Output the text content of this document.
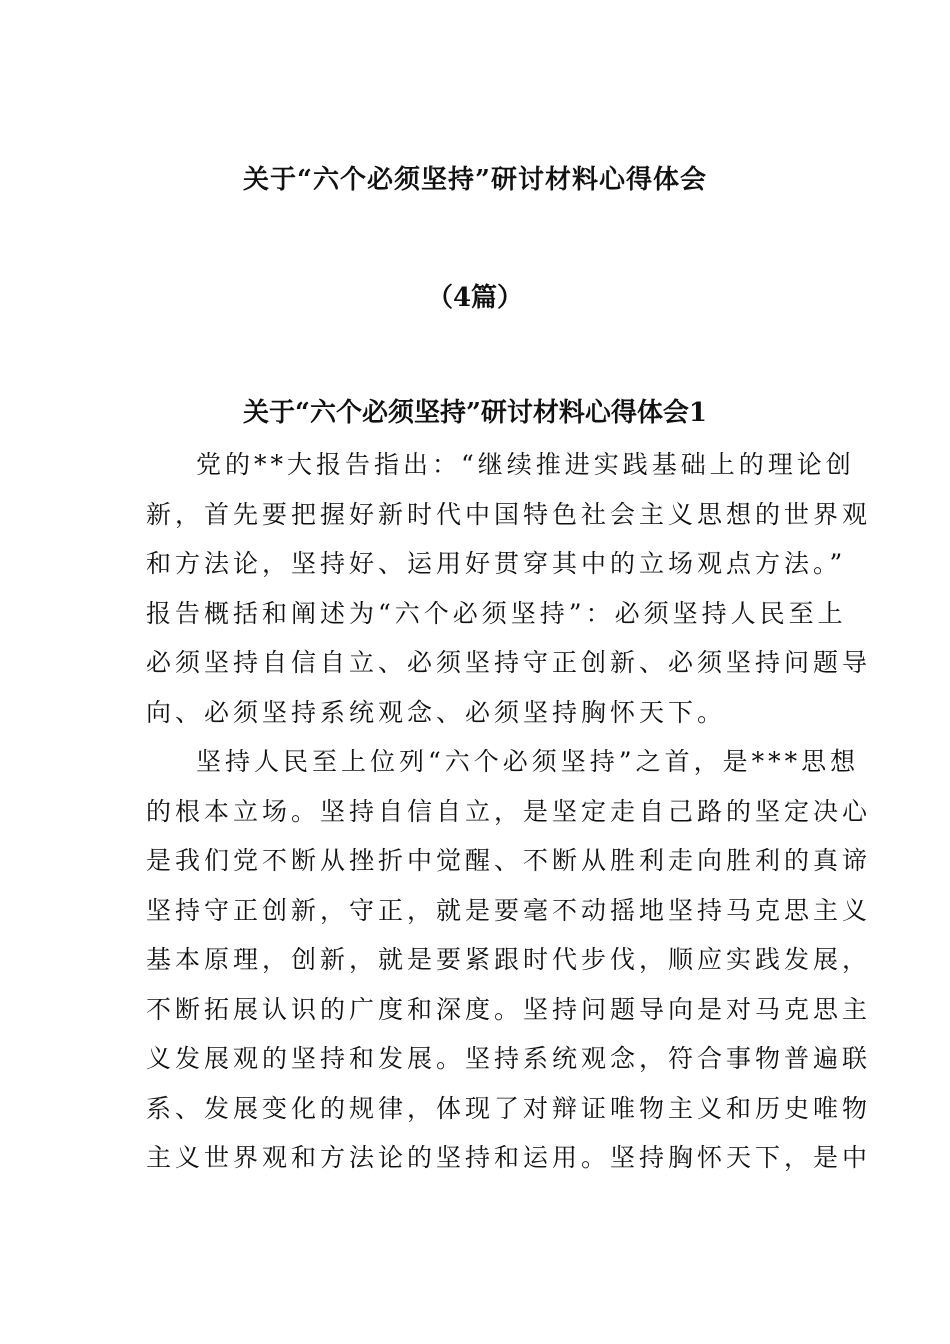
关于“六个必须坚持”研讨材料心得体会
（4篇）
关于“六个必须坚持”研讨材料心得体会1
党的**大报告指出：“继续推进实践基础上的理论创
新，首先要把握好新时代中国特色社会主义思想的世界观
和方法论，坚持好、运用好贯穿其中的立场观点方法。”
报告概括和阐述为“六个必须坚持”：必须坚持人民至上
必须坚持自信自立、必须坚持守正创新、必须坚持问题导
向、必须坚持系统观念、必须坚持胸怀天下。
坚持人民至上位列“六个必须坚持”之首，是***思想
的根本立场。坚持自信自立，是坚定走自己路的坚定决心
是我们党不断从挫折中觉醒、不断从胜利走向胜利的真谛
坚持守正创新，守正，就是要毫不动摇地坚持马克思主义
基本原理，创新，就是要紧跟时代步伐，顺应实践发展，
不断拓展认识的广度和深度。坚持问题导向是对马克思主
义发展观的坚持和发展。坚持系统观念，符合事物普遍联
系、发展变化的规律，体现了对辩证唯物主义和历史唯物
主义世界观和方法论的坚持和运用。坚持胸怀天下，是中
